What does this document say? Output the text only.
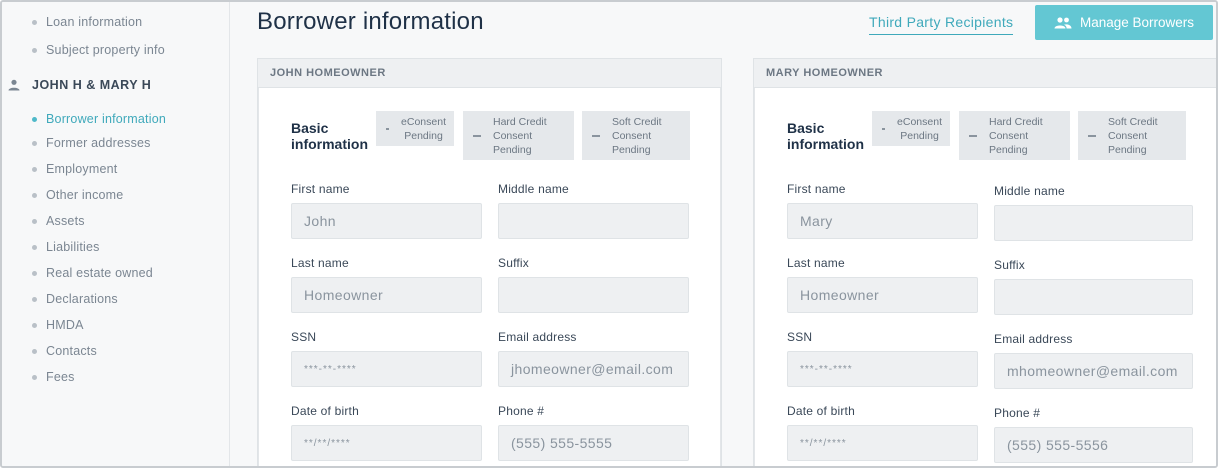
Loan information
Subject property info
JOHN H & MARY H
Borrower information
Former addresses
Employment
Other income
Assets
Liabilities
Real estate owned
Declarations
HMDA
Contacts
Fees
Borrower information	Third Party Recipients	Manage Borrowers
JOHN HOMEOWNER
Basic information
eConsent Pending
Hard Credit Consent Pending
Soft Credit Consent Pending
First name
John
Middle name
Last name
Homeowner
Suffix
SSN
***-**-****
Email address
jhomeowner@email.com
Date of birth
**/**/****
Phone #
(555) 555-5555
MARY HOMEOWNER
Basic information
eConsent Pending
Hard Credit Consent Pending
Soft Credit Consent Pending
First name
Mary
Middle name
Last name
Homeowner
Suffix
SSN
***-**-****
Email address
mhomeowner@email.com
Date of birth
**/**/****
Phone #
(555) 555-5556
